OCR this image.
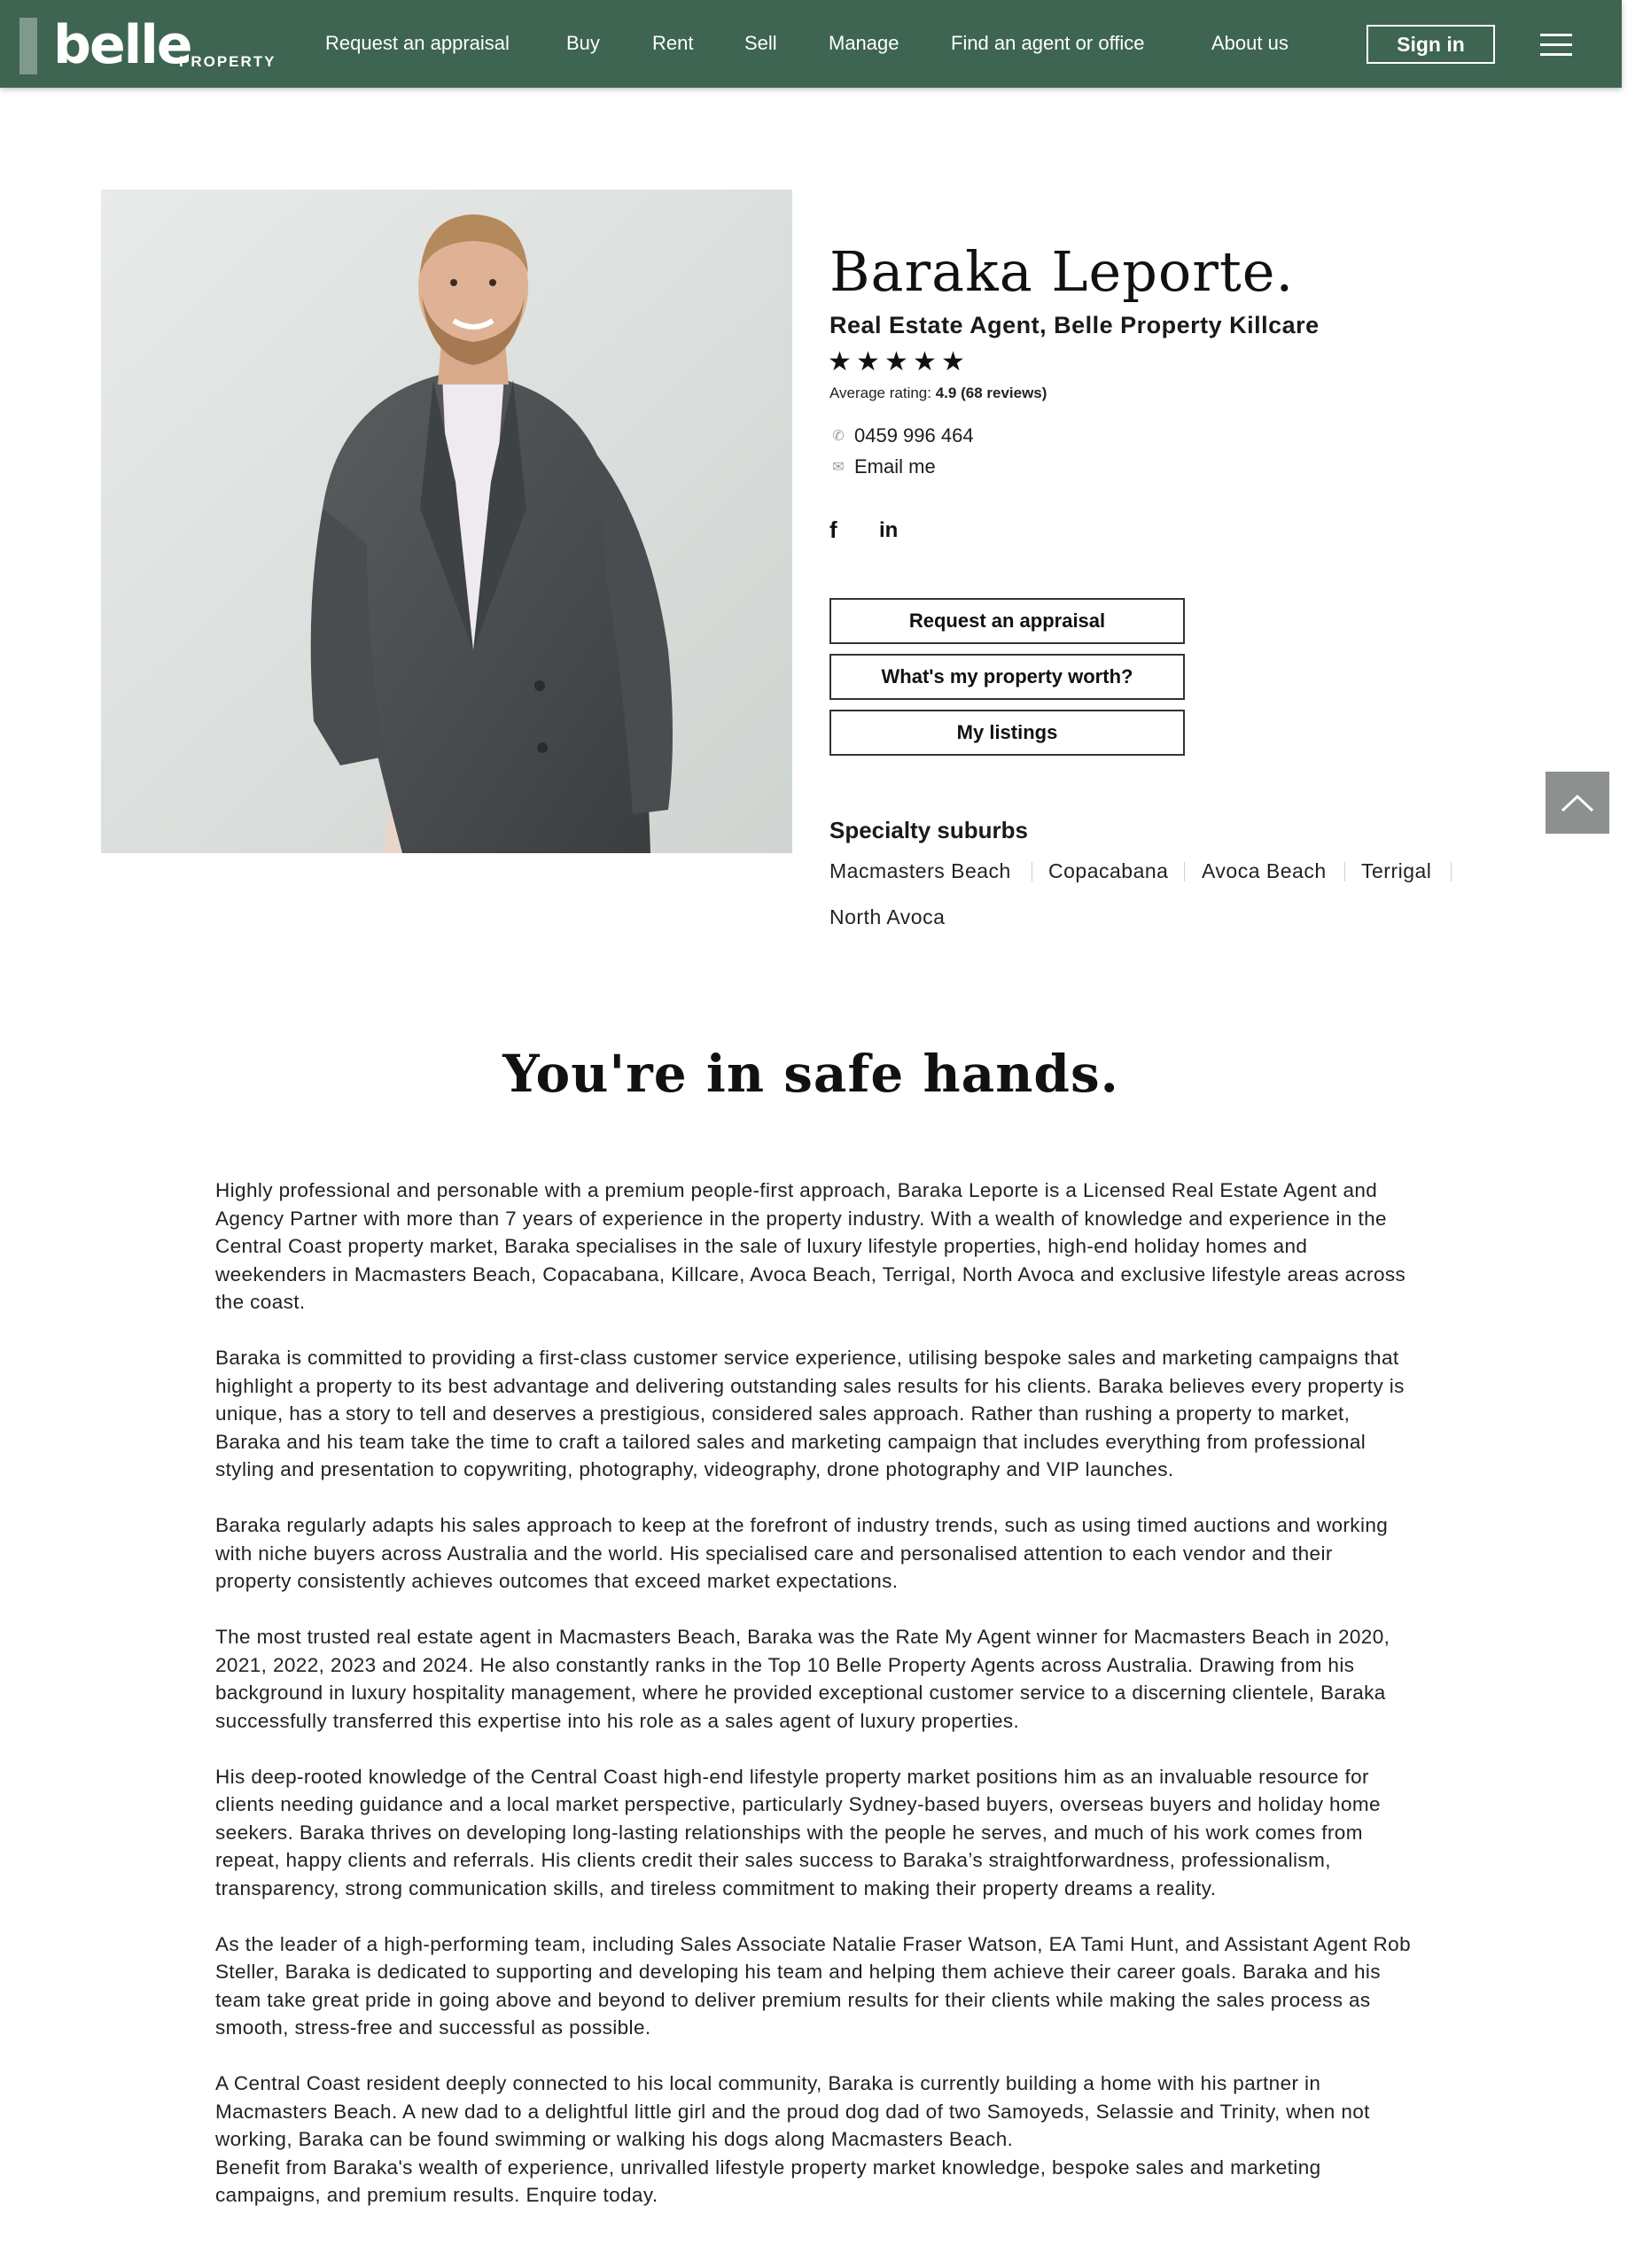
belle
PROPERTY
Request an appraisal	Buy	Rent	Sell	Manage	Find an agent or office	About us	Sign in
Baraka Leporte.
Real Estate Agent, Belle Property Killcare
★ ★ ★ ★ ★
Average rating: 4.9 (68 reviews)
✆ 0459 996 464
✉ Email me
f in
Request an appraisal
What's my property worth?
My listings
Specialty suburbs
Macmasters Beach Copacabana Avoca Beach Terrigal
North Avoca
You're in safe hands.

Highly professional and personable with a premium people-first approach, Baraka Leporte is a Licensed Real Estate Agent and Agency Partner with more than 7 years of experience in the property industry. With a wealth of knowledge and experience in the Central Coast property market, Baraka specialises in the sale of luxury lifestyle properties, high-end holiday homes and weekenders in Macmasters Beach, Copacabana, Killcare, Avoca Beach, Terrigal, North Avoca and exclusive lifestyle areas across the coast.

Baraka is committed to providing a first-class customer service experience, utilising bespoke sales and marketing campaigns that highlight a property to its best advantage and delivering outstanding sales results for his clients. Baraka believes every property is unique, has a story to tell and deserves a prestigious, considered sales approach. Rather than rushing a property to market, Baraka and his team take the time to craft a tailored sales and marketing campaign that includes everything from professional styling and presentation to copywriting, photography, videography, drone photography and VIP launches.

Baraka regularly adapts his sales approach to keep at the forefront of industry trends, such as using timed auctions and working with niche buyers across Australia and the world. His specialised care and personalised attention to each vendor and their property consistently achieves outcomes that exceed market expectations.

The most trusted real estate agent in Macmasters Beach, Baraka was the Rate My Agent winner for Macmasters Beach in 2020, 2021, 2022, 2023 and 2024. He also constantly ranks in the Top 10 Belle Property Agents across Australia. Drawing from his background in luxury hospitality management, where he provided exceptional customer service to a discerning clientele, Baraka successfully transferred this expertise into his role as a sales agent of luxury properties.

His deep-rooted knowledge of the Central Coast high-end lifestyle property market positions him as an invaluable resource for clients needing guidance and a local market perspective, particularly Sydney-based buyers, overseas buyers and holiday home seekers. Baraka thrives on developing long-lasting relationships with the people he serves, and much of his work comes from repeat, happy clients and referrals. His clients credit their sales success to Baraka’s straightforwardness, professionalism, transparency, strong communication skills, and tireless commitment to making their property dreams a reality.

As the leader of a high-performing team, including Sales Associate Natalie Fraser Watson, EA Tami Hunt, and Assistant Agent Rob Steller, Baraka is dedicated to supporting and developing his team and helping them achieve their career goals. Baraka and his team take great pride in going above and beyond to deliver premium results for their clients while making the sales process as smooth, stress-free and successful as possible.

A Central Coast resident deeply connected to his local community, Baraka is currently building a home with his partner in Macmasters Beach. A new dad to a delightful little girl and the proud dog dad of two Samoyeds, Selassie and Trinity, when not working, Baraka can be found swimming or walking his dogs along Macmasters Beach.

Benefit from Baraka's wealth of experience, unrivalled lifestyle property market knowledge, bespoke sales and marketing campaigns, and premium results. Enquire today.
